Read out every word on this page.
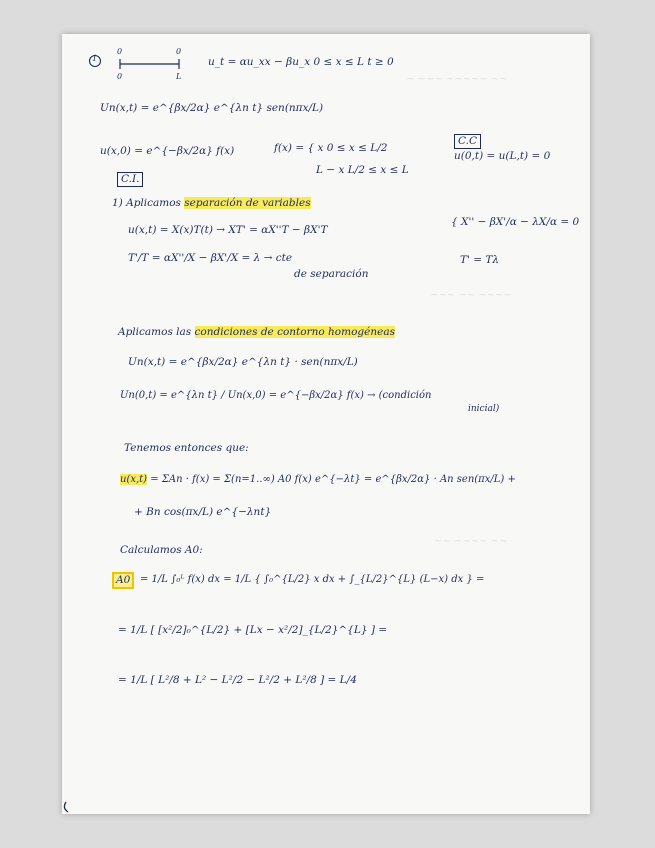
1
0	0
0	L
u_t = αu_xx − βu_x 0 ≤ x ≤ L t ≥ 0
Un(x,t) = e^{βx/2α} e^{λn t} sen(nπx/L)
u(x,0) = e^{−βx/2α} f(x)
C.I.
f(x) = { x 0 ≤ x ≤ L/2
L − x L/2 ≤ x ≤ L
C.C
u(0,t) = u(L,t) = 0
1) Aplicamos separación de variables
u(x,t) = X(x)T(t) → XT' = αX''T − βX'T
T'/T = αX''/X − βX'/X = λ → cte
de separación
{ X'' − βX'/α − λX/α = 0
T' = Tλ
Aplicamos las condiciones de contorno homogéneas
Un(x,t) = e^{βx/2α} e^{λn t} · sen(nπx/L)
Un(0,t) = e^{λn t} / Un(x,0) = e^{−βx/2α} f(x) → (condición
inicial)
Tenemos entonces que:
u(x,t) = ΣAn · f(x) = Σ(n=1..∞) A0 f(x) e^{−λt} = e^{βx/2α} · An sen(πx/L) +
+ Bn cos(πx/L) e^{−λnt}
Calculamos A0:
A0 = 1/L ∫₀ᴸ f(x) dx = 1/L { ∫₀^{L/2} x dx + ∫_{L/2}^{L} (L−x) dx } =
= 1/L [ [x²/2]₀^{L/2} + [Lx − x²/2]_{L/2}^{L} ] =
= 1/L [ L²/8 + L² − L²/2 − L²/2 + L²/8 ] = L/4
~ ~~~ ~~~~~ ~~
~~~ ~~ ~~~~
~~ ~~~~ ~~
